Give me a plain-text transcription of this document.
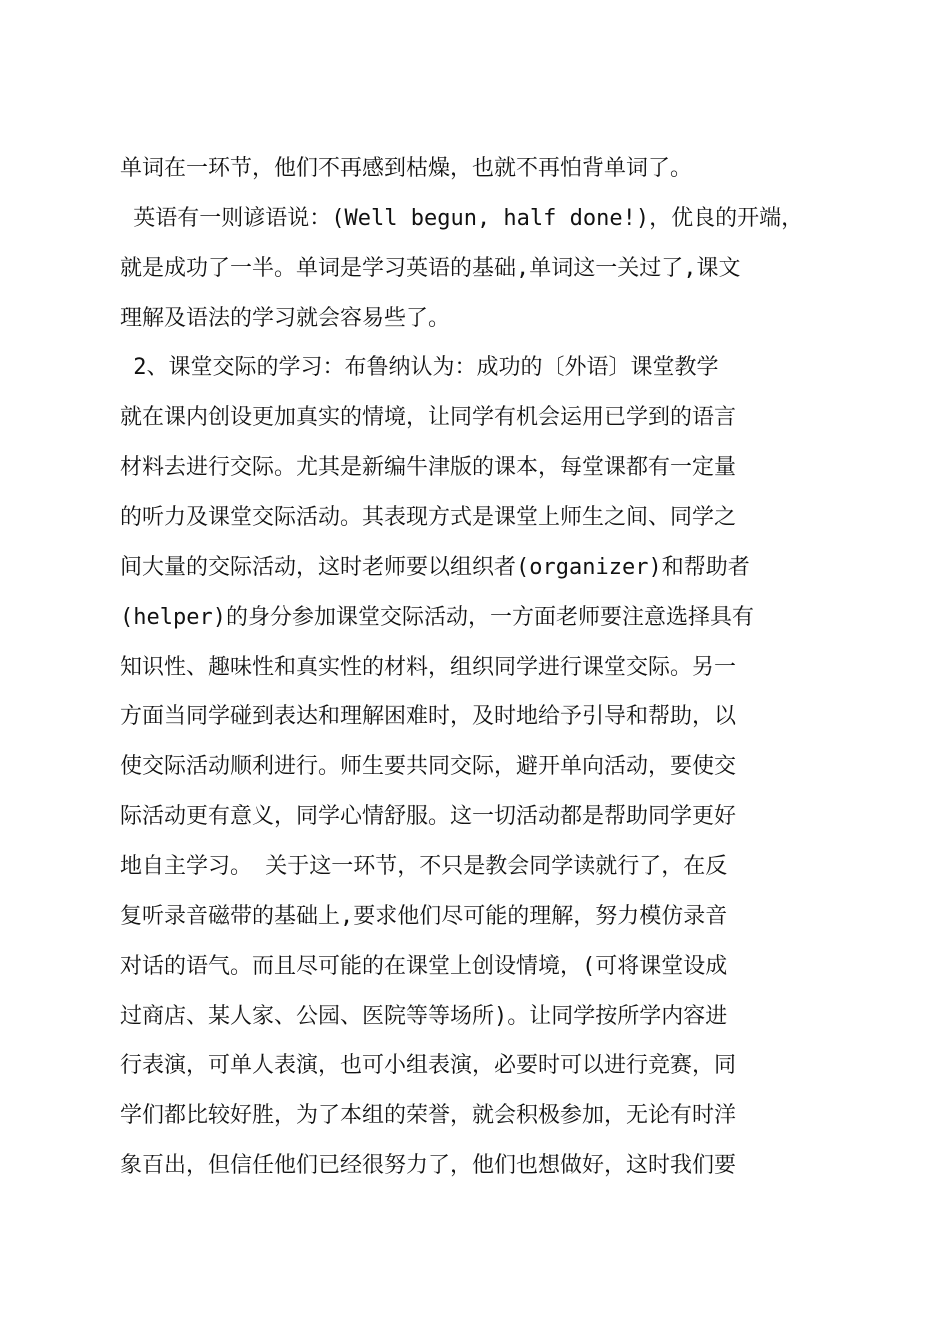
单词在一环节，他们不再感到枯燥，也就不再怕背单词了。
英语有一则谚语说：(Well begun, half done!)，优良的开端，
就是成功了一半。单词是学习英语的基础,单词这一关过了,课文
理解及语法的学习就会容易些了。
2、课堂交际的学习：布鲁纳认为：成功的〔外语〕课堂教学
就在课内创设更加真实的情境，让同学有机会运用已学到的语言
材料去进行交际。尤其是新编牛津版的课本，每堂课都有一定量
的听力及课堂交际活动。其表现方式是课堂上师生之间、同学之
间大量的交际活动，这时老师要以组织者(organizer)和帮助者
(helper)的身分参加课堂交际活动，一方面老师要注意选择具有
知识性、趣味性和真实性的材料，组织同学进行课堂交际。另一
方面当同学碰到表达和理解困难时，及时地给予引导和帮助，以
使交际活动顺利进行。师生要共同交际，避开单向活动，要使交
际活动更有意义，同学心情舒服。这一切活动都是帮助同学更好
地自主学习。 关于这一环节，不只是教会同学读就行了，在反
复听录音磁带的基础上,要求他们尽可能的理解，努力模仿录音
对话的语气。而且尽可能的在课堂上创设情境，(可将课堂设成
过商店、某人家、公园、医院等等场所)。让同学按所学内容进
行表演，可单人表演，也可小组表演，必要时可以进行竞赛，同
学们都比较好胜，为了本组的荣誉，就会积极参加，无论有时洋
象百出，但信任他们已经很努力了，他们也想做好，这时我们要
